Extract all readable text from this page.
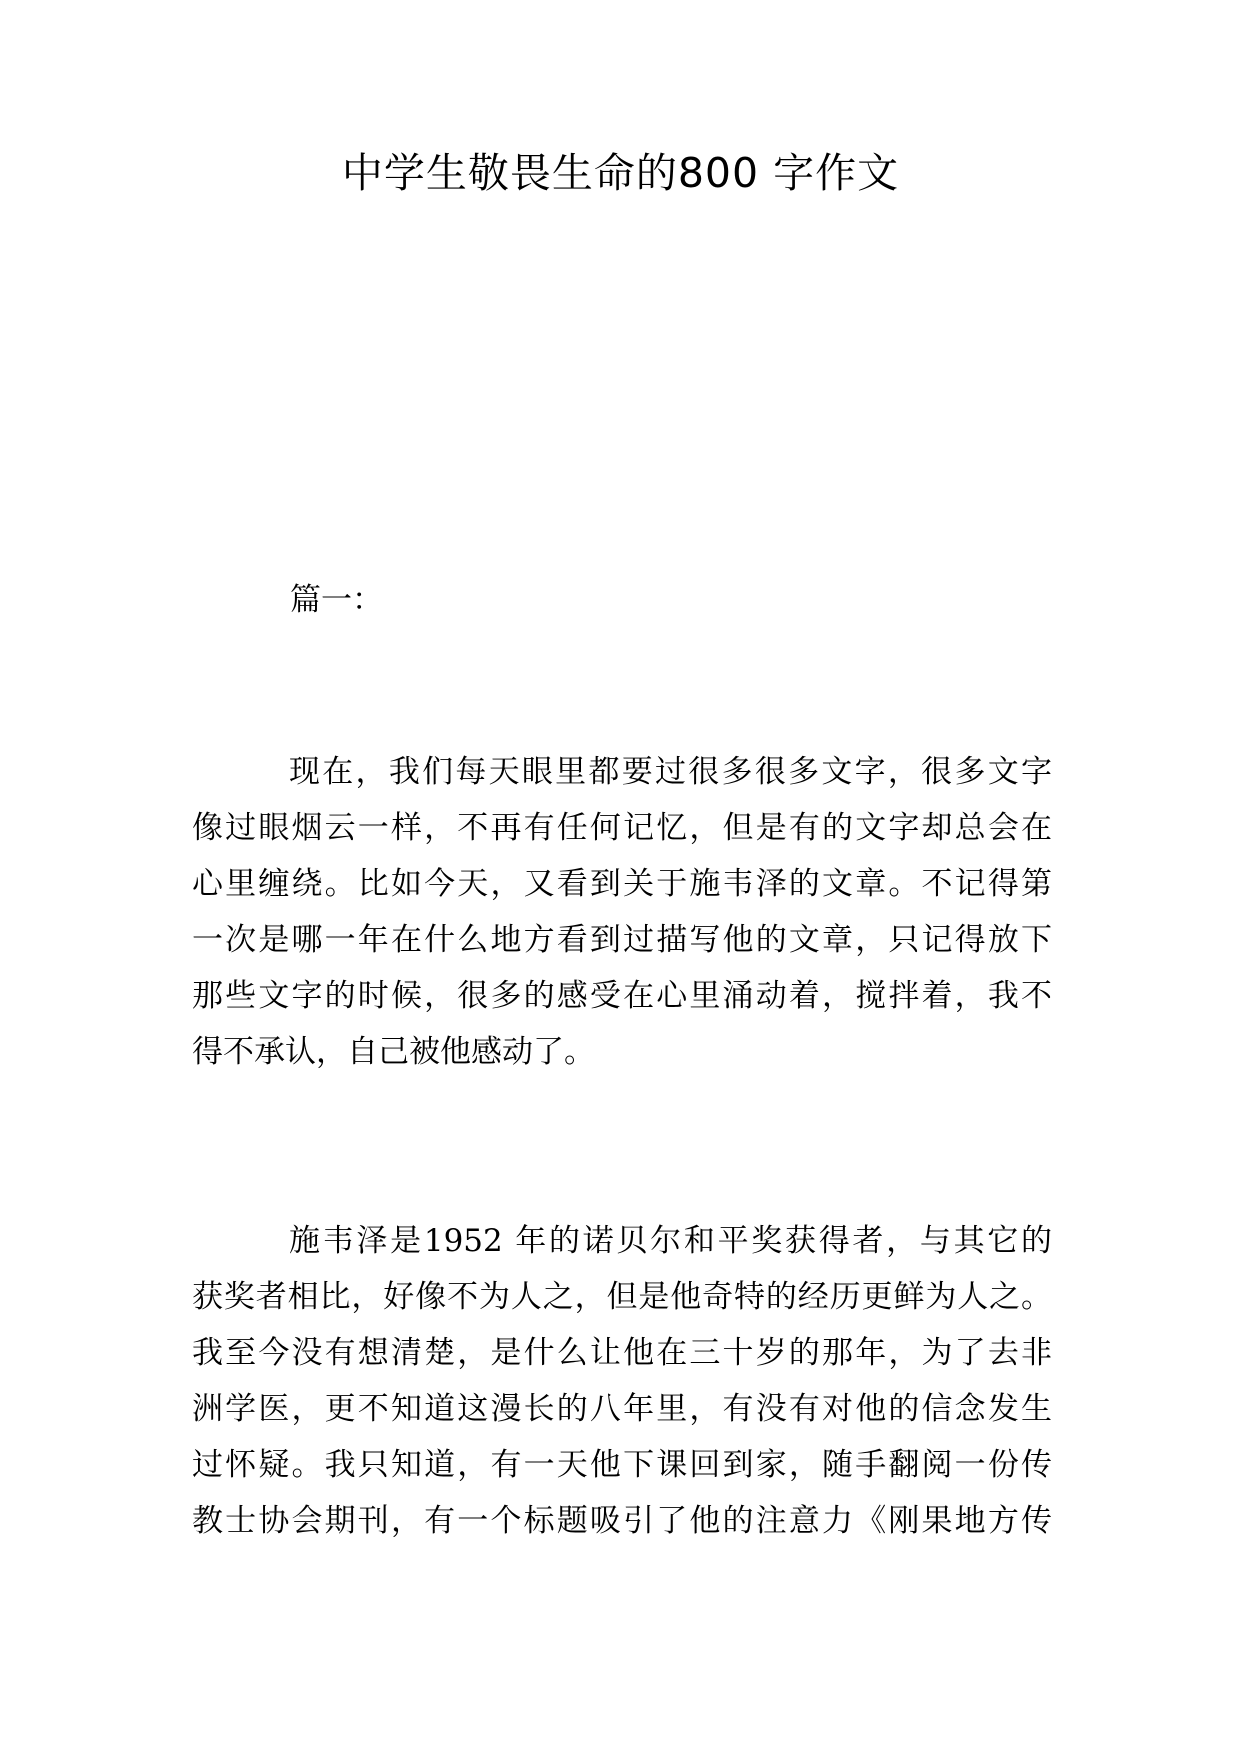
中学生敬畏生命的800 字作文
篇一：
现在，我们每天眼里都要过很多很多文字，很多文字
像过眼烟云一样，不再有任何记忆，但是有的文字却总会在
心里缠绕。比如今天，又看到关于施韦泽的文章。不记得第
一次是哪一年在什么地方看到过描写他的文章，只记得放下
那些文字的时候，很多的感受在心里涌动着，搅拌着，我不
得不承认，自己被他感动了。
施韦泽是1952 年的诺贝尔和平奖获得者，与其它的
获奖者相比，好像不为人之，但是他奇特的经历更鲜为人之。
我至今没有想清楚，是什么让他在三十岁的那年，为了去非
洲学医，更不知道这漫长的八年里，有没有对他的信念发生
过怀疑。我只知道，有一天他下课回到家，随手翻阅一份传
教士协会期刊，有一个标题吸引了他的注意力《刚果地方传
